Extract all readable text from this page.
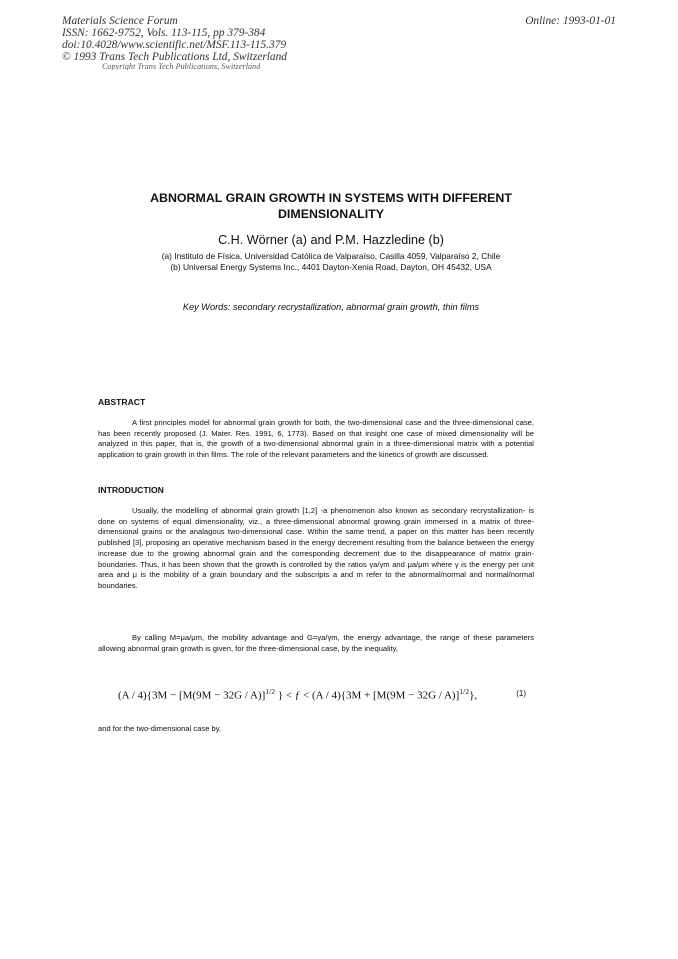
Materials Science Forum
ISSN: 1662-9752, Vols. 113-115, pp 379-384
doi:10.4028/www.scientific.net/MSF.113-115.379
© 1993 Trans Tech Publications Ltd, Switzerland
Online: 1993-01-01
Copyright Trans Tech Publications, Switzerland
ABNORMAL GRAIN GROWTH IN SYSTEMS WITH DIFFERENT DIMENSIONALITY
C.H. Wörner (a) and P.M. Hazzledine (b)
(a) Instituto de Física, Universidad Católica de Valparaíso, Casilla 4059, Valparaíso 2, Chile
(b) Universal Energy Systems Inc., 4401 Dayton-Xenia Road, Dayton, OH 45432, USA
Key Words: secondary recrystallization, abnormal grain growth, thin films
ABSTRACT

A first principles model for abnormal grain growth for both, the two-dimensional case and the three-dimensional case, has been recently proposed (J. Mater. Res. 1991, 6, 1773). Based on that insight one case of mixed dimensionality will be analyzed in this paper, that is, the growth of a two-dimensional abnormal grain in a three-dimensional matrix with a potential application to grain growth in thin films. The role of the relevant parameters and the kinetics of growth are discussed.

INTRODUCTION

Usually, the modelling of abnormal grain growth [1,2] -a phenomenon also known as secondary recrystallization- is done on systems of equal dimensionality, viz., a three-dimensional abnormal growing grain immersed in a matrix of three-dimensional grains or the analagous two-dimensional case. Within the same trend, a paper on this matter has been recently published [3], proposing an operative mechanism based in the energy decrement resulting from the balance between the energy increase due to the growing abnormal grain and the corresponding decrement due to the disappearance of matrix grain-boundaries. Thus, it has been shown that the growth is controlled by the ratios γa/γm and μa/μm where γ is the energy per unit area and μ is the mobility of a grain boundary and the subscripts a and m refer to the abnormal/normal and normal/normal boundaries.

By calling M=μa/μm, the mobility advantage and G=γa/γm, the energy advantage, the range of these parameters allowing abnormal grain growth is given, for the three-dimensional case, by the inequality,

$(A / 4)\{3M - [M(9M - 32G / A)]^{1/2}$ } < ƒ < $(A / 4)\{3M + [M(9M - 32G / A)]^{1/2}\}$,	(1)
and for the two-dimensional case by,
